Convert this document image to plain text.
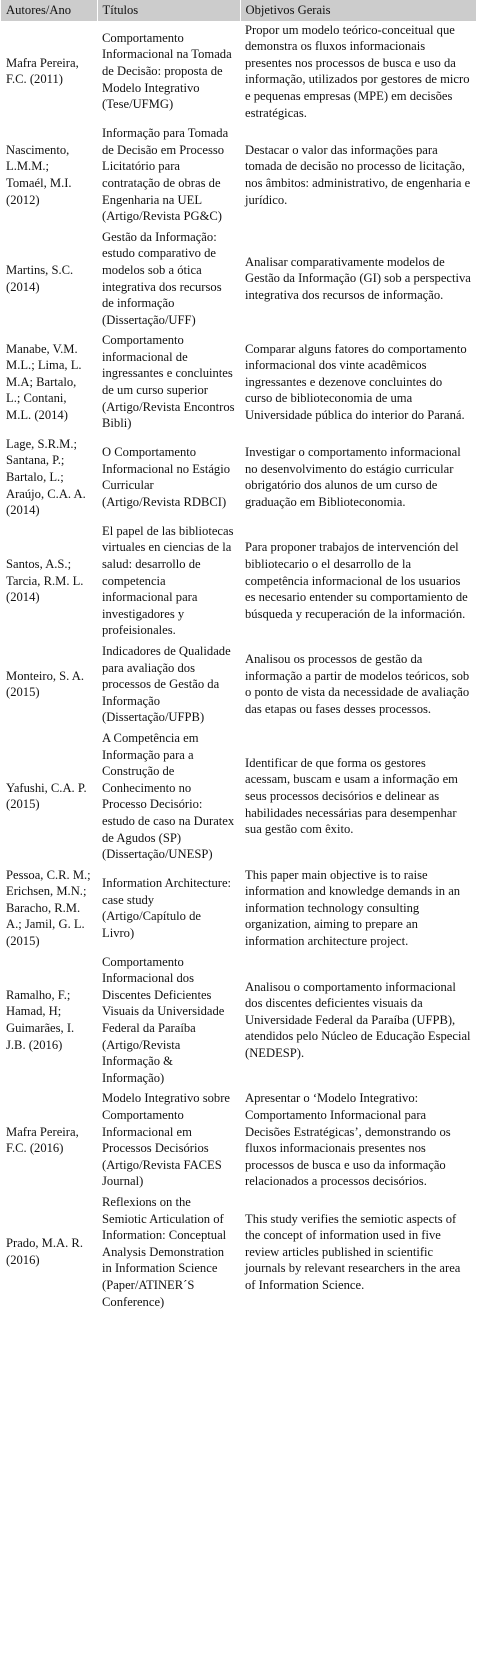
Autores/Ano	Títulos	Objetivos Gerais
Mafra Pereira, F.C. (2011)	Comportamento Informacional na Tomada de Decisão: proposta de Modelo Integrativo (Tese/UFMG)	Propor um modelo teórico-conceitual que demonstra os fluxos informacionais presentes nos processos de busca e uso da informação, utilizados por gestores de micro e pequenas empresas (MPE) em decisões estratégicas.
Nascimento, L.M.M.; Tomaél, M.I. (2012)	Informação para Tomada de Decisão em Processo Licitatório para contratação de obras de Engenharia na UEL (Artigo/Revista PG&C)	Destacar o valor das informações para tomada de decisão no processo de licitação, nos âmbitos: administrativo, de engenharia e jurídico.
Martins, S.C. (2014)	Gestão da Informação: estudo comparativo de modelos sob a ótica integrativa dos recursos de informação (Dissertação/UFF)	Analisar comparativamente modelos de Gestão da Informação (GI) sob a perspectiva integrativa dos recursos de informação.
Manabe, V.M. M.L.; Lima, L. M.A; Bartalo, L.; Contani, M.L. (2014)	Comportamento informacional de ingressantes e concluintes de um curso superior (Artigo/Revista Encontros Bibli)	Comparar alguns fatores do comportamento informacional dos vinte acadêmicos ingressantes e dezenove concluintes do curso de biblioteconomia de uma Universidade pública do interior do Paraná.
Lage, S.R.M.; Santana, P.; Bartalo, L.; Araújo, C.A. A. (2014)	O Comportamento Informacional no Estágio Curricular (Artigo/Revista RDBCI)	Investigar o comportamento informacional no desenvolvimento do estágio curricular obrigatório dos alunos de um curso de graduação em Biblioteconomia.
Santos, A.S.; Tarcia, R.M. L. (2014)	El papel de las bibliotecas virtuales en ciencias de la salud: desarrollo de competencia informacional para investigadores y profeisionales.	Para proponer trabajos de intervención del bibliotecario o el desarrollo de la competência informacional de los usuarios es necesario entender su comportamiento de búsqueda y recuperación de la información.
Monteiro, S. A. (2015)	Indicadores de Qualidade para avaliação dos processos de Gestão da Informação (Dissertação/UFPB)	Analisou os processos de gestão da informação a partir de modelos teóricos, sob o ponto de vista da necessidade de avaliação das etapas ou fases desses processos.
Yafushi, C.A. P. (2015)	A Competência em Informação para a Construção de Conhecimento no Processo Decisório: estudo de caso na Duratex de Agudos (SP) (Dissertação/UNESP)	Identificar de que forma os gestores acessam, buscam e usam a informação em seus processos decisórios e delinear as habilidades necessárias para desempenhar sua gestão com êxito.
Pessoa, C.R. M.; Erichsen, M.N.; Baracho, R.M. A.; Jamil, G. L. (2015)	Information Architecture: case study (Artigo/Capítulo de Livro)	This paper main objective is to raise information and knowledge demands in an information technology consulting organization, aiming to prepare an information architecture project.
Ramalho, F.; Hamad, H; Guimarães, I. J.B. (2016)	Comportamento Informacional dos Discentes Deficientes Visuais da Universidade Federal da Paraíba (Artigo/Revista Informação & Informação)	Analisou o comportamento informacional dos discentes deficientes visuais da Universidade Federal da Paraíba (UFPB), atendidos pelo Núcleo de Educação Especial (NEDESP).
Mafra Pereira, F.C. (2016)	Modelo Integrativo sobre Comportamento Informacional em Processos Decisórios (Artigo/Revista FACES Journal)	Apresentar o ‘Modelo Integrativo: Comportamento Informacional para Decisões Estratégicas’, demonstrando os fluxos informacionais presentes nos processos de busca e uso da informação relacionados a processos decisórios.
Prado, M.A. R. (2016)	Reflexions on the Semiotic Articulation of Information: Conceptual Analysis Demonstration in Information Science (Paper/ATINER´S Conference)	This study verifies the semiotic aspects of the concept of information used in five review articles published in scientific journals by relevant researchers in the area of Information Science.
